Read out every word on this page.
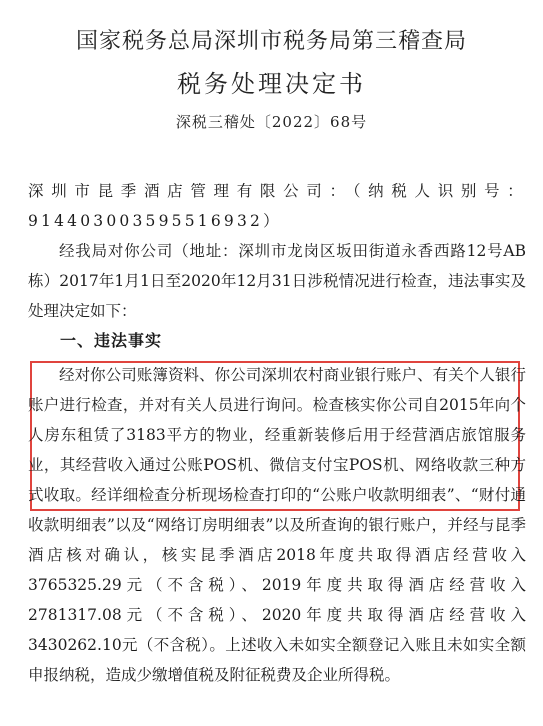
国家税务总局深圳市税务局第三稽查局
税务处理决定书
深税三稽处〔2022〕68号
深圳市昆季酒店管理有限公司：（纳税人识别号：914403003595516932）
经我局对你公司（地址：深圳市龙岗区坂田街道永香西路12号AB栋）2017年1月1日至2020年12月31日涉税情况进行检查，违法事实及处理决定如下：
一、违法事实
经对你公司账簿资料、你公司深圳农村商业银行账户、有关个人银行账户进行检查，并对有关人员进行询问。检查核实你公司自2015年向个人房东租赁了3183平方的物业，经重新装修后用于经营酒店旅馆服务业，其经营收入通过公账POS机、微信支付宝POS机、网络收款三种方式收取。经详细检查分析现场检查打印的“公账户收款明细表”、“财付通收款明细表”以及“网络订房明细表”以及所查询的银行账户，并经与昆季酒店核对确认，核实昆季酒店2018年度共取得酒店经营收入3765325.29元（不含税）、2019年度共取得酒店经营收入2781317.08元（不含税）、2020年度共取得酒店经营收入3430262.10元（不含税）。上述收入未如实全额登记入账且未如实全额申报纳税，造成少缴增值税及附征税费及企业所得税。
